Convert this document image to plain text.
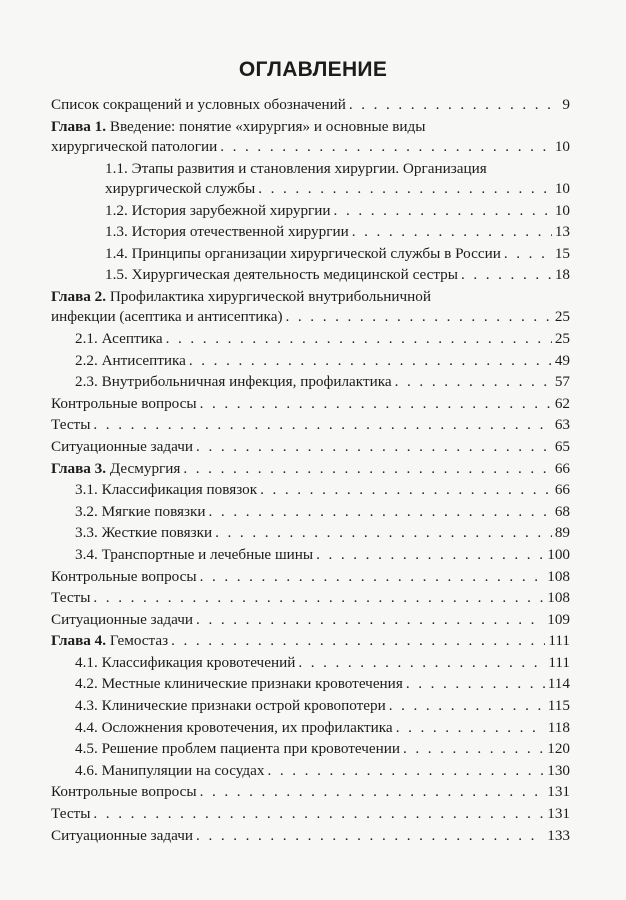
ОГЛАВЛЕНИЕ
Список сокращений и условных обозначений . . .	9
Глава 1. Введение: понятие «хирургия» и основные виды
хирургической патологии . . .	10
1.1. Этапы развития и становления хирургии. Организация
хирургической службы . . .	10
1.2. История зарубежной хирургии . . .	10
1.3. История отечественной хирургии . . .	13
1.4. Принципы организации хирургической службы в России . . .	15
1.5. Хирургическая деятельность медицинской сестры . . .	18
Глава 2. Профилактика хирургической внутрибольничной
инфекции (асептика и антисептика) . . .	25
2.1. Асептика . . .	25
2.2. Антисептика . . .	49
2.3. Внутрибольничная инфекция, профилактика . . .	57
Контрольные вопросы . . .	62
Тесты . . .	63
Ситуационные задачи . . .	65
Глава 3. Десмургия . . .	66
3.1. Классификация повязок . . .	66
3.2. Мягкие повязки . . .	68
3.3. Жесткие повязки . . .	89
3.4. Транспортные и лечебные шины . . .	100
Контрольные вопросы . . .	108
Тесты . . .	108
Ситуационные задачи . . .	109
Глава 4. Гемостаз . . .	111
4.1. Классификация кровотечений . . .	111
4.2. Местные клинические признаки кровотечения . . .	114
4.3. Клинические признаки острой кровопотери . . .	115
4.4. Осложнения кровотечения, их профилактика . . .	118
4.5. Решение проблем пациента при кровотечении . . .	120
4.6. Манипуляции на сосудах . . .	130
Контрольные вопросы . . .	131
Тесты . . .	131
Ситуационные задачи . . .	133
